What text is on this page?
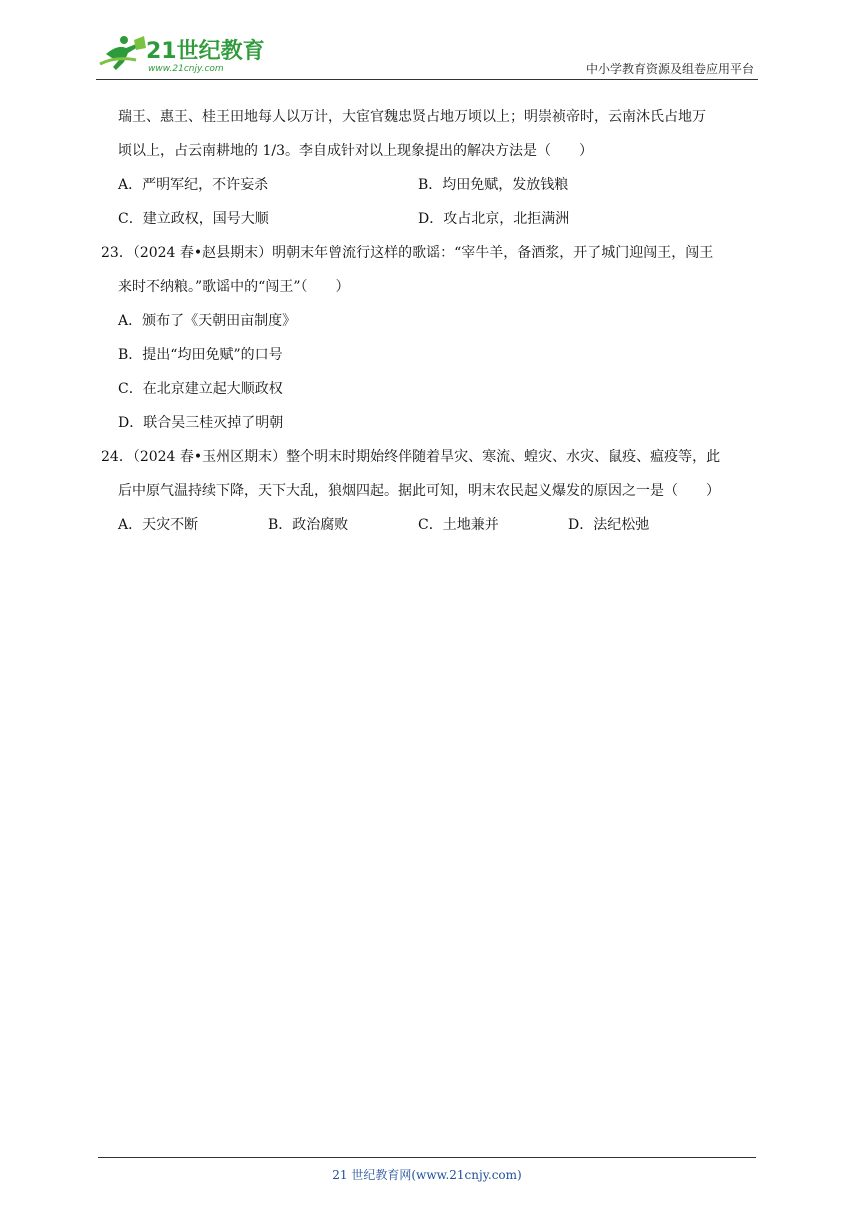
21世纪教育
www.21cnjy.com	中小学教育资源及组卷应用平台

瑞王、惠王、桂王田地每人以万计，大宦官魏忠贤占地万顷以上；明崇祯帝时，云南沐氏占地万

顷以上，占云南耕地的 1/3。李自成针对以上现象提出的解决方法是（　　）

A．严明军纪，不许妄杀	B．均田免赋，发放钱粮
C．建立政权，国号大顺	D．攻占北京，北拒满洲

23．（2024 春•赵县期末）明朝末年曾流行这样的歌谣：“宰牛羊，备酒浆，开了城门迎闯王，闯王

来时不纳粮。”歌谣中的“闯王”（　　）

A．颁布了《天朝田亩制度》

B．提出“均田免赋”的口号

C．在北京建立起大顺政权

D．联合吴三桂灭掉了明朝

24．（2024 春•玉州区期末）整个明末时期始终伴随着旱灾、寒流、蝗灾、水灾、鼠疫、瘟疫等，此

后中原气温持续下降，天下大乱，狼烟四起。据此可知，明末农民起义爆发的原因之一是（　　）

A．天灾不断	B．政治腐败	C．土地兼并	D．法纪松弛
21 世纪教育网(www.21cnjy.com)
